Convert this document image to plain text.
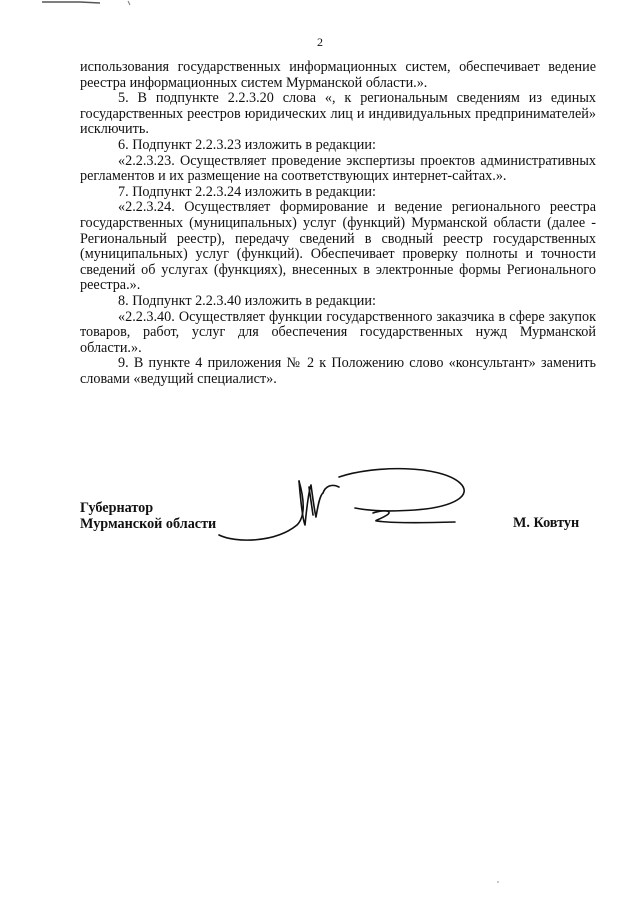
2

использования государственных информационных систем, обеспечивает ведение реестра информационных систем Мурманской области.».

5. В подпункте 2.2.3.20 слова «, к региональным сведениям из единых государственных реестров юридических лиц и индивидуальных предпринимателей» исключить.

6. Подпункт 2.2.3.23 изложить в редакции:

«2.2.3.23. Осуществляет проведение экспертизы проектов административных регламентов и их размещение на соответствующих интернет-сайтах.».

7. Подпункт 2.2.3.24 изложить в редакции:

«2.2.3.24. Осуществляет формирование и ведение регионального реестра государственных (муниципальных) услуг (функций) Мурманской области (далее - Региональный реестр), передачу сведений в сводный реестр государственных (муниципальных) услуг (функций). Обеспечивает проверку полноты и точности сведений об услугах (функциях), внесенных в электронные формы Регионального реестра.».

8. Подпункт 2.2.3.40 изложить в редакции:

«2.2.3.40. Осуществляет функции государственного заказчика в сфере закупок товаров, работ, услуг для обеспечения государственных нужд Мурманской области.».

9. В пункте 4 приложения № 2 к Положению слово «консультант» заменить словами «ведущий специалист».

Губернатор
Мурманской области	М. Ковтун
